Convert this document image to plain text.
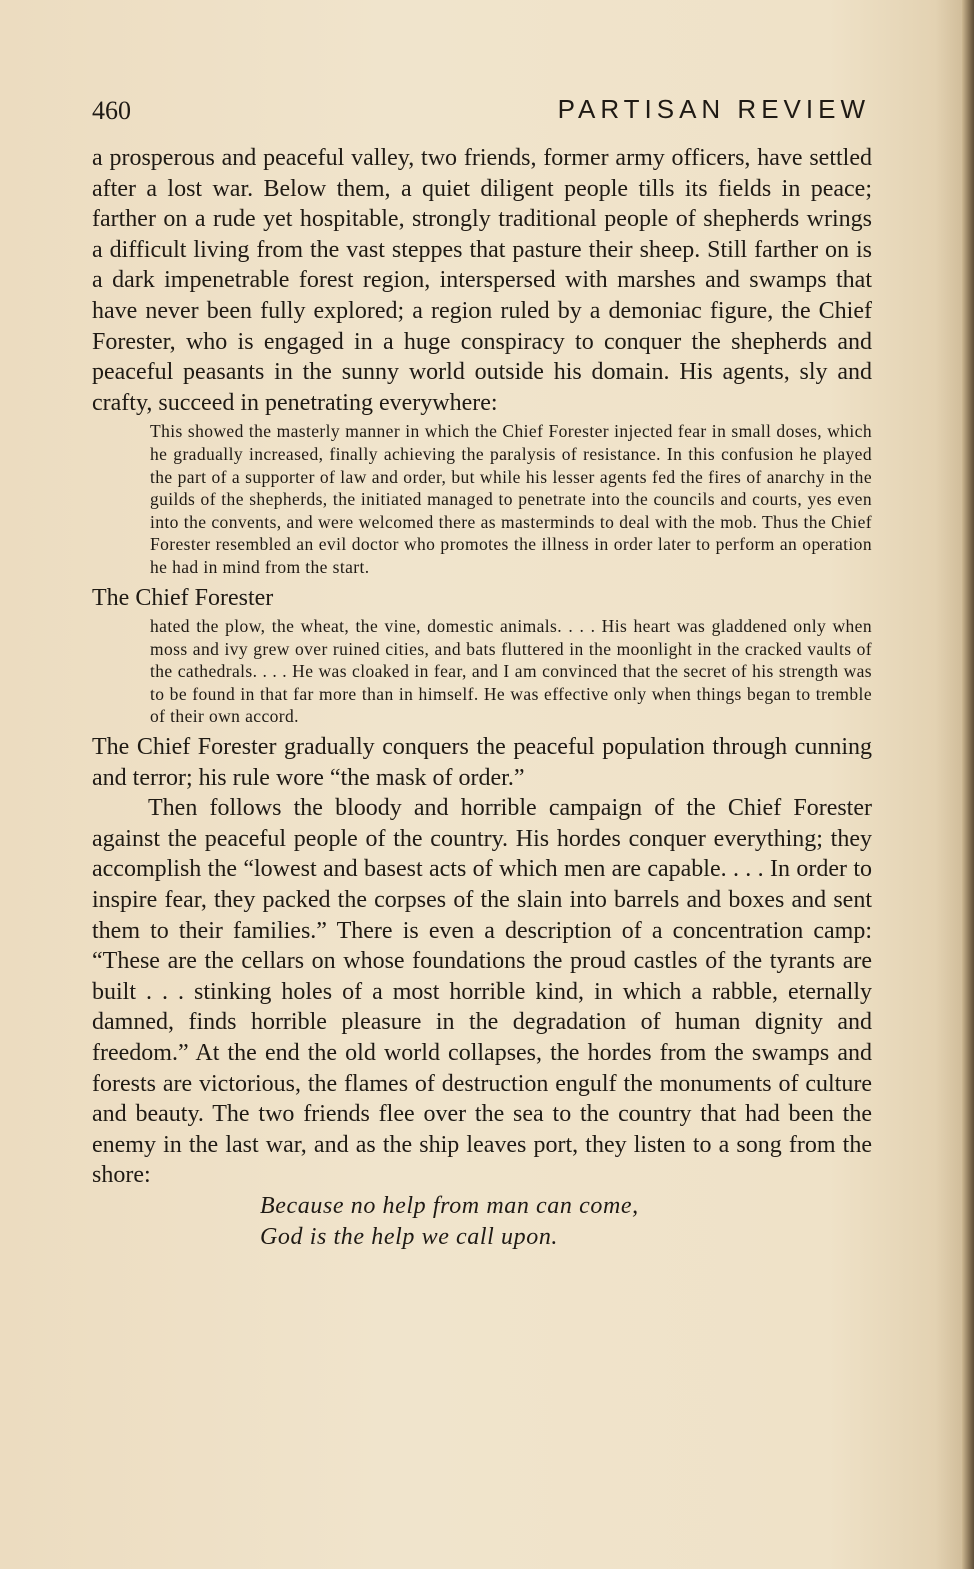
460	PARTISAN REVIEW

a prosperous and peaceful valley, two friends, former army officers, have settled after a lost war. Below them, a quiet diligent people tills its fields in peace; farther on a rude yet hospitable, strongly traditional people of shepherds wrings a difficult living from the vast steppes that pasture their sheep. Still farther on is a dark impenetrable forest region, interspersed with marshes and swamps that have never been fully explored; a region ruled by a demoniac figure, the Chief Forester, who is engaged in a huge conspiracy to conquer the shepherds and peaceful peasants in the sunny world outside his domain. His agents, sly and crafty, succeed in penetrating everywhere:

This showed the masterly manner in which the Chief Forester injected fear in small doses, which he gradually increased, finally achieving the paralysis of resistance. In this confusion he played the part of a supporter of law and order, but while his lesser agents fed the fires of anarchy in the guilds of the shepherds, the initiated managed to penetrate into the councils and courts, yes even into the convents, and were welcomed there as masterminds to deal with the mob. Thus the Chief Forester resembled an evil doctor who promotes the illness in order later to perform an operation he had in mind from the start.

The Chief Forester

hated the plow, the wheat, the vine, domestic animals. . . . His heart was gladdened only when moss and ivy grew over ruined cities, and bats fluttered in the moonlight in the cracked vaults of the cathedrals. . . . He was cloaked in fear, and I am convinced that the secret of his strength was to be found in that far more than in himself. He was effective only when things began to tremble of their own accord.

The Chief Forester gradually conquers the peaceful population through cunning and terror; his rule wore “the mask of order.”

Then follows the bloody and horrible campaign of the Chief Forester against the peaceful people of the country. His hordes conquer everything; they accomplish the “lowest and basest acts of which men are capable. . . . In order to inspire fear, they packed the corpses of the slain into barrels and boxes and sent them to their families.” There is even a description of a concentration camp: “These are the cellars on whose foundations the proud castles of the tyrants are built . . . stinking holes of a most horrible kind, in which a rabble, eternally damned, finds horrible pleasure in the degradation of human dignity and freedom.” At the end the old world collapses, the hordes from the swamps and forests are victorious, the flames of destruction engulf the monuments of culture and beauty. The two friends flee over the sea to the country that had been the enemy in the last war, and as the ship leaves port, they listen to a song from the shore:

Because no help from man can come,
God is the help we call upon.
